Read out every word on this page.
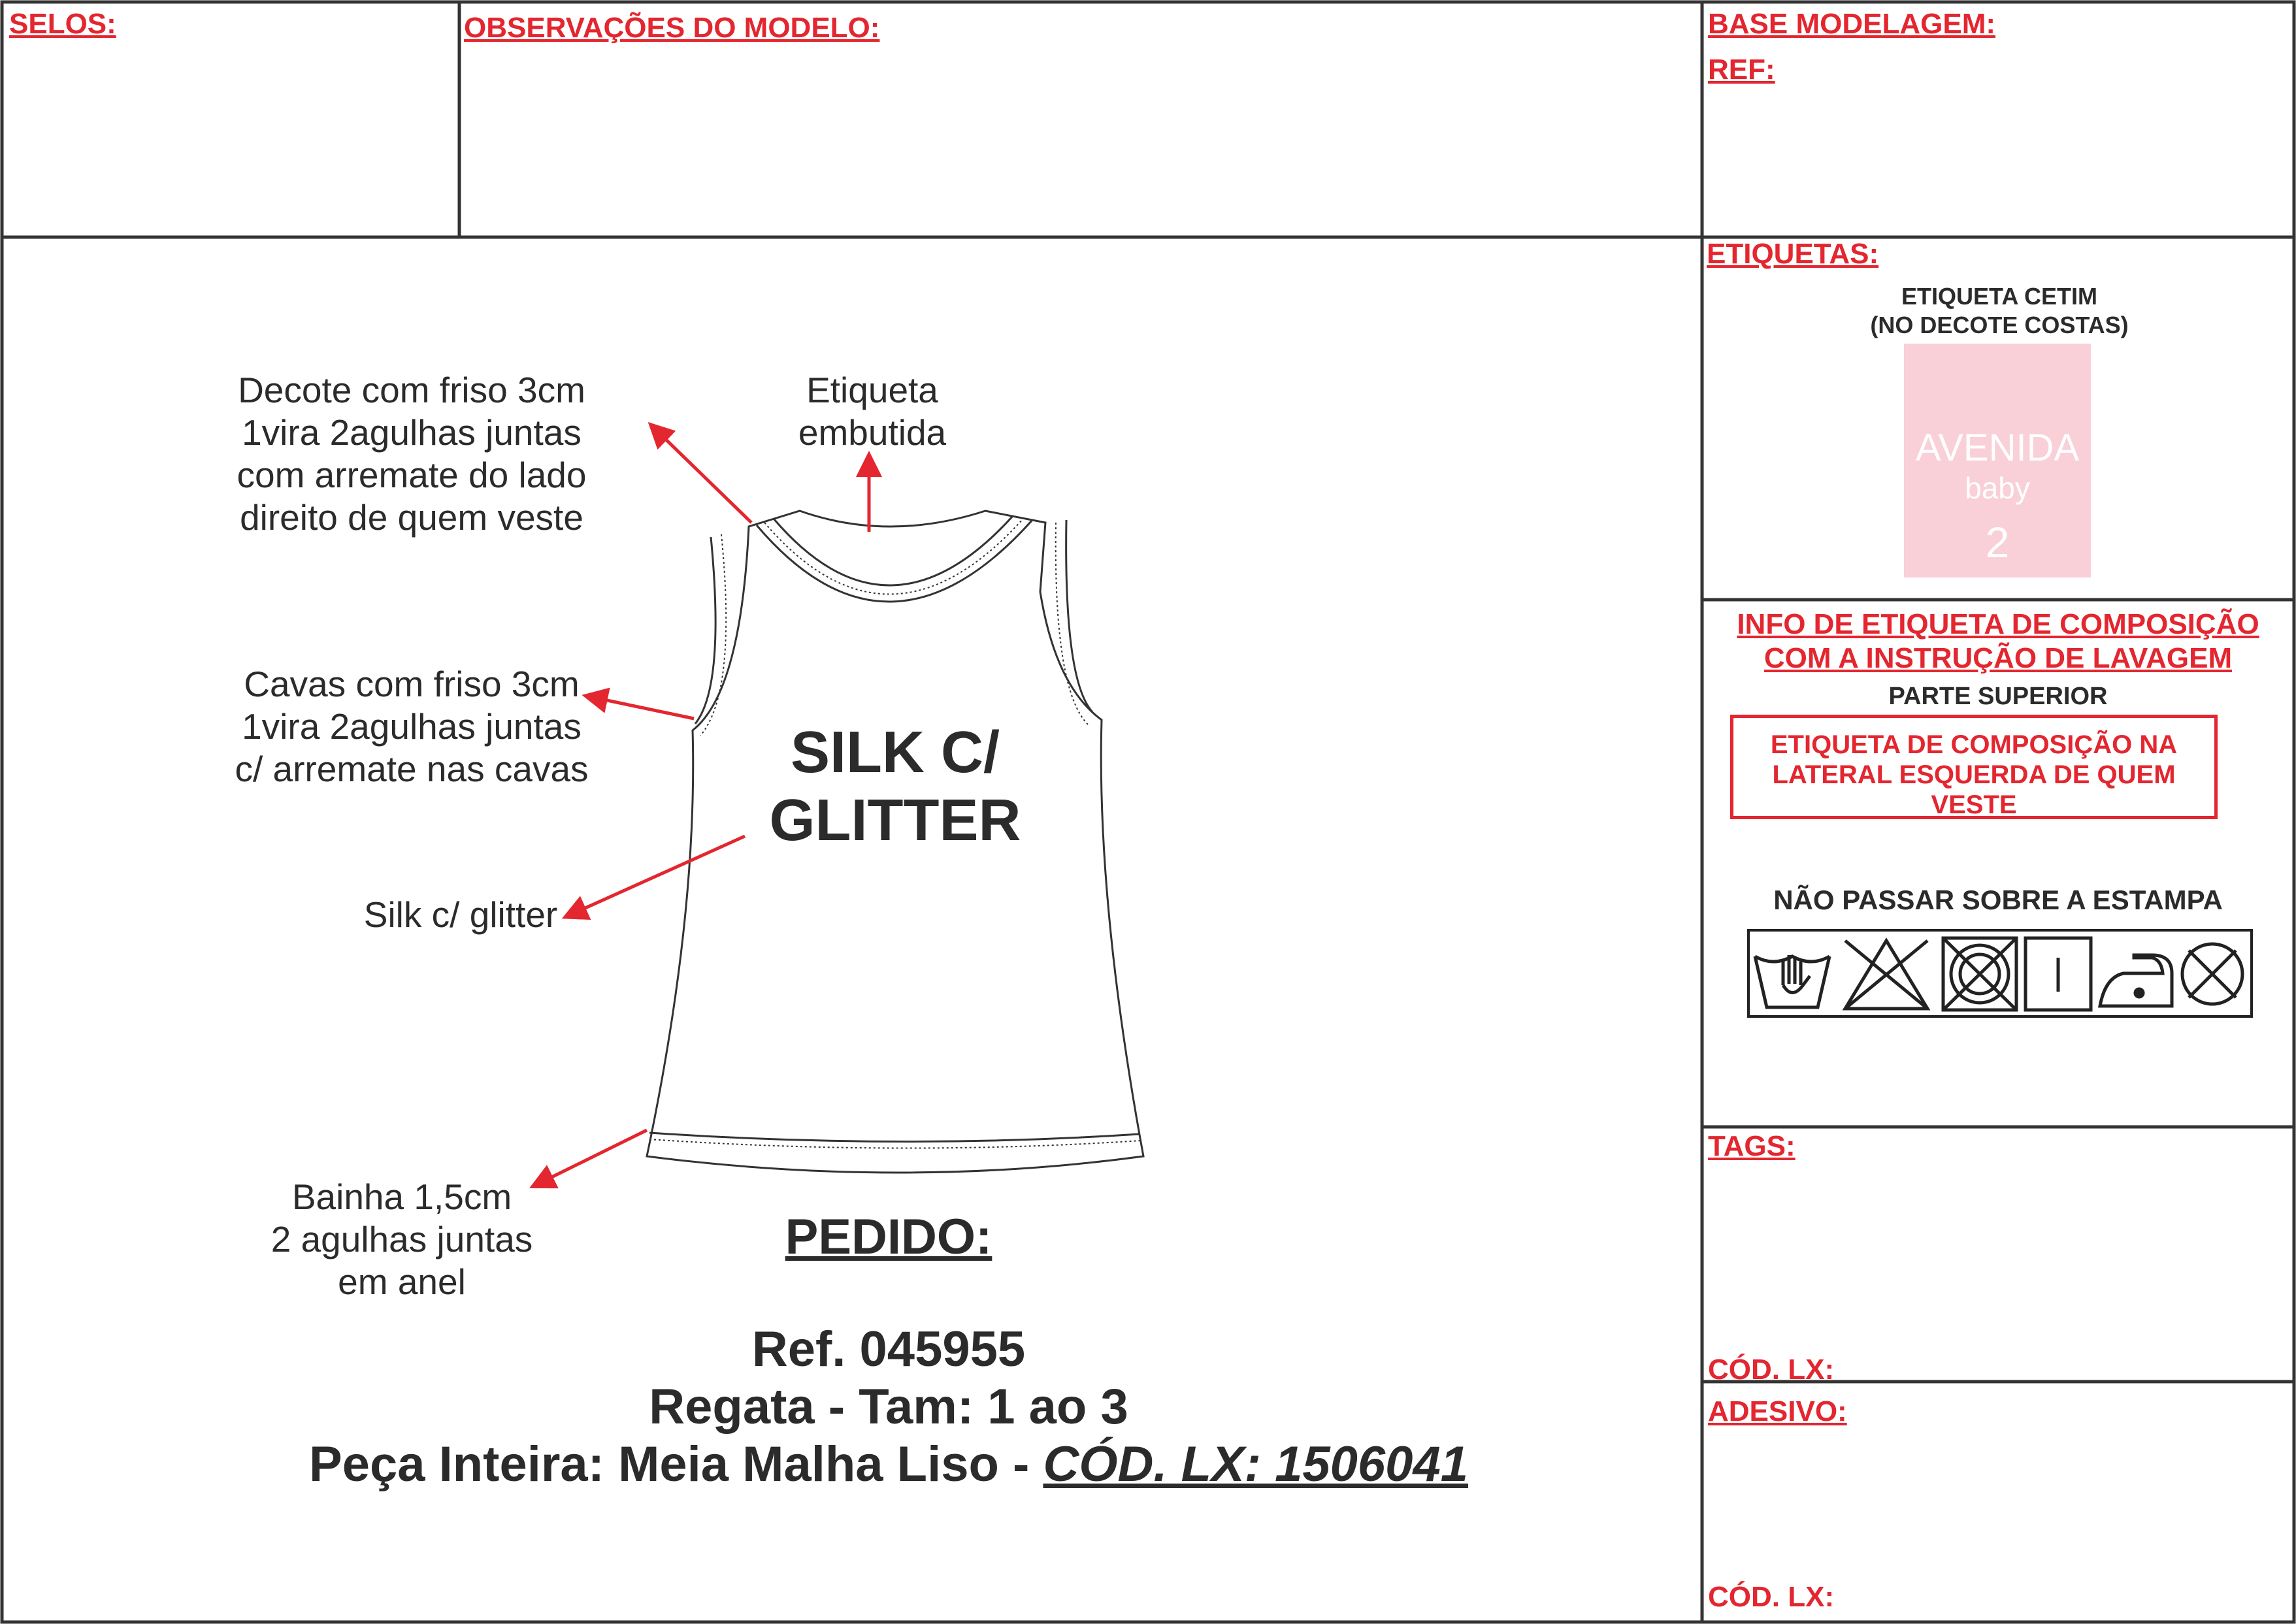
SELOS:	OBSERVAÇÕES DO MODELO:	BASE MODELAGEM:
REF:
ETIQUETAS:
TAGS:
CÓD. LX:
ADESIVO:
CÓD. LX:
ETIQUETA CETIM
(NO DECOTE COSTAS)
AVENIDA
baby
2
INFO DE ETIQUETA DE COMPOSIÇÃO
COM A INSTRUÇÃO DE LAVAGEM
PARTE SUPERIOR
ETIQUETA DE COMPOSIÇÃO NA
LATERAL ESQUERDA DE QUEM
VESTE
NÃO PASSAR SOBRE A ESTAMPA
SILK C/
GLITTER
Decote com friso 3cm
1vira 2agulhas juntas
com arremate do lado
direito de quem veste
Etiqueta
embutida
Cavas com friso 3cm
1vira 2agulhas juntas
c/ arremate nas cavas
Silk c/ glitter
Bainha 1,5cm
2 agulhas juntas
em anel
PEDIDO:
Ref. 045955
Regata - Tam: 1 ao 3
Peça Inteira: Meia Malha Liso - CÓD. LX: 1506041
